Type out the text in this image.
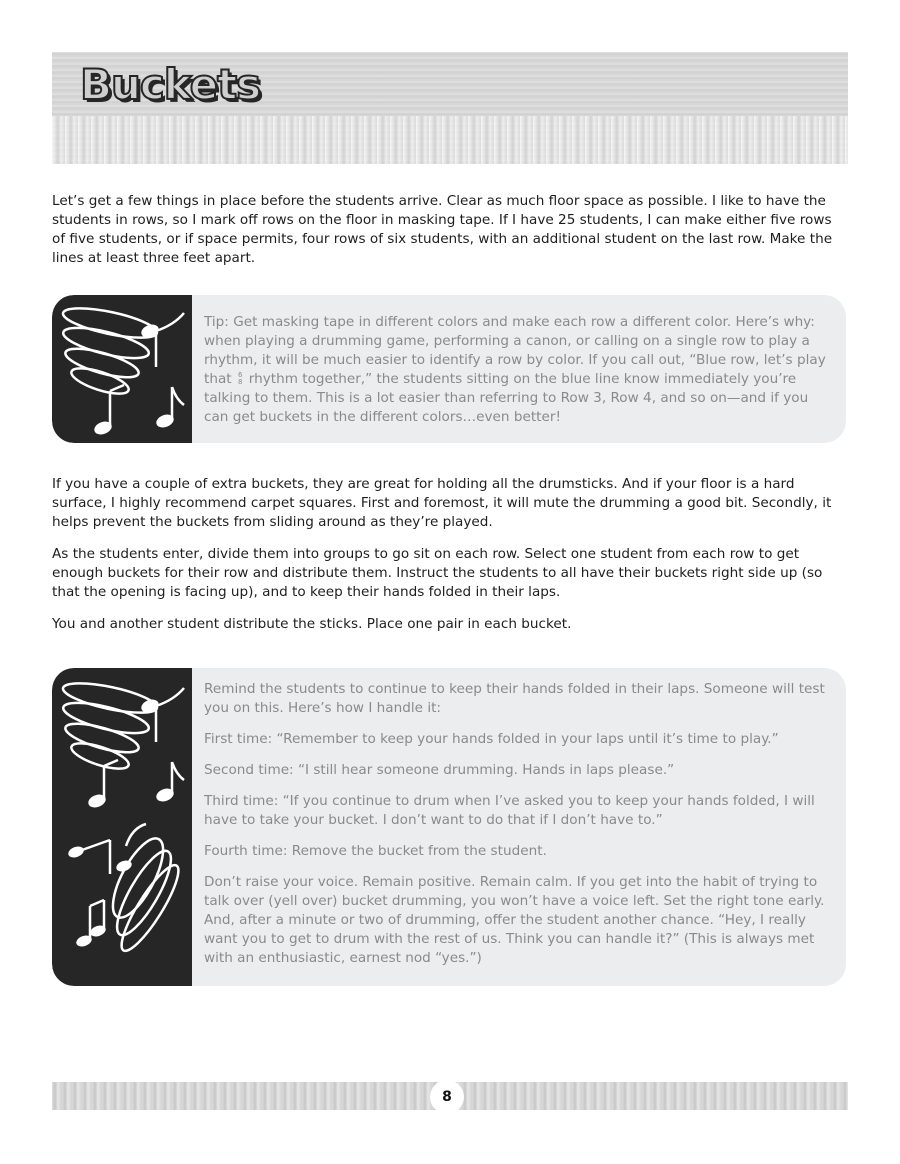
Buckets

Let’s get a few things in place before the students arrive. Clear as much floor space as possible. I like to have the students in rows, so I mark off rows on the floor in masking tape. If I have 25 students, I can make either five rows of five students, or if space permits, four rows of six students, with an additional student on the last row. Make the lines at least three feet apart.

Tip: Get masking tape in different colors and make each row a different color. Here’s why: when playing a drumming game, performing a canon, or calling on a single row to play a rhythm, it will be much easier to identify a row by color. If you call out, “Blue row, let’s play that 6
8 rhythm together,” the students sitting on the blue line know immediately you’re talking to them. This is a lot easier than referring to Row 3, Row 4, and so on—and if you can get buckets in the different colors…even better!

If you have a couple of extra buckets, they are great for holding all the drumsticks. And if your floor is a hard surface, I highly recommend carpet squares. First and foremost, it will mute the drumming a good bit. Secondly, it helps prevent the buckets from sliding around as they’re played.

As the students enter, divide them into groups to go sit on each row. Select one student from each row to get enough buckets for their row and distribute them. Instruct the students to all have their buckets right side up (so that the opening is facing up), and to keep their hands folded in their laps.

You and another student distribute the sticks. Place one pair in each bucket.

Remind the students to continue to keep their hands folded in their laps. Someone will test you on this. Here’s how I handle it:

First time: “Remember to keep your hands folded in your laps until it’s time to play.”

Second time: “I still hear someone drumming. Hands in laps please.”

Third time: “If you continue to drum when I’ve asked you to keep your hands folded, I will have to take your bucket. I don’t want to do that if I don’t have to.”

Fourth time: Remove the bucket from the student.

Don’t raise your voice. Remain positive. Remain calm. If you get into the habit of trying to talk over (yell over) bucket drumming, you won’t have a voice left. Set the right tone early. And, after a minute or two of drumming, offer the student another chance. “Hey, I really want you to get to drum with the rest of us. Think you can handle it?” (This is always met with an enthusiastic, earnest nod “yes.”)

8
